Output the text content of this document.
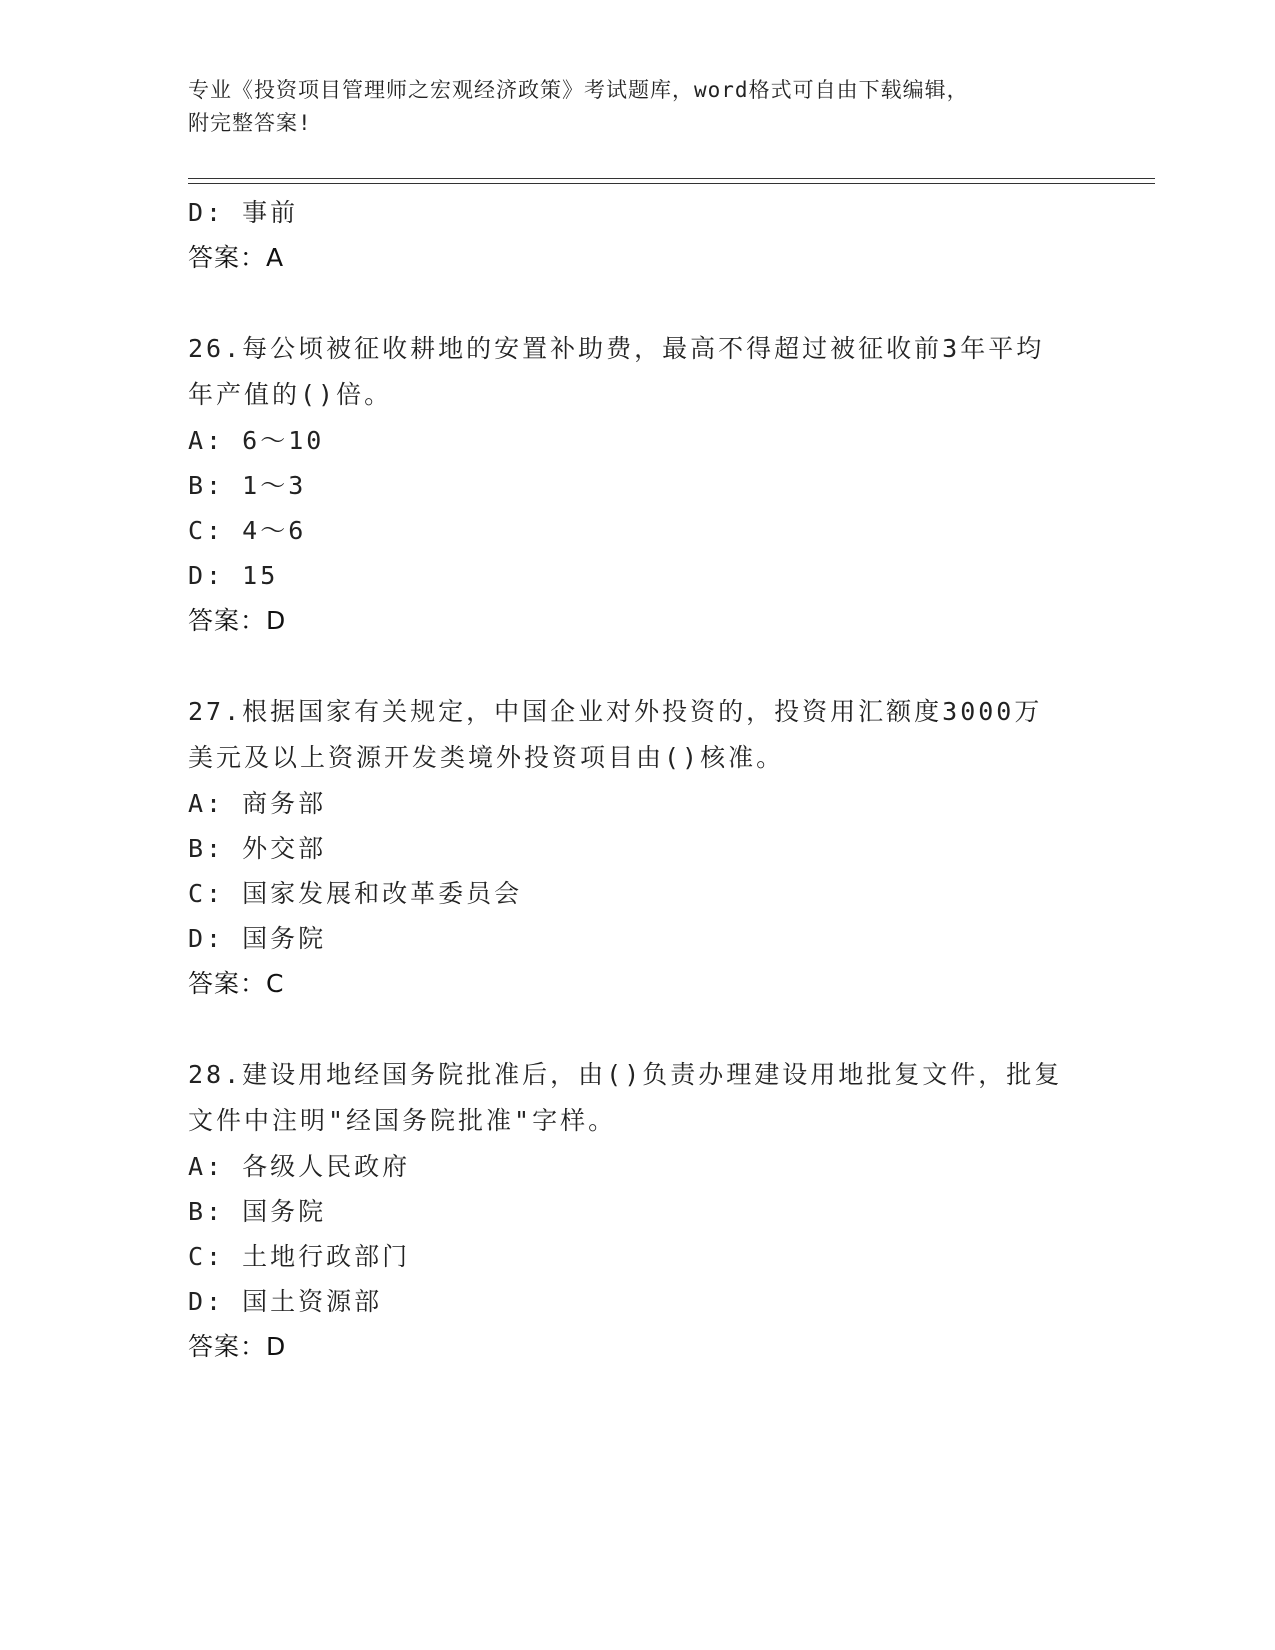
专业《投资项目管理师之宏观经济政策》考试题库，word格式可自由下载编辑，
附完整答案!
D: 事前
答案：A
26.每公顷被征收耕地的安置补助费，最高不得超过被征收前3年平均
年产值的()倍。
A: 6～10
B: 1～3
C: 4～6
D: 15
答案：D
27.根据国家有关规定，中国企业对外投资的，投资用汇额度3000万
美元及以上资源开发类境外投资项目由()核准。
A: 商务部
B: 外交部
C: 国家发展和改革委员会
D: 国务院
答案：C
28.建设用地经国务院批准后，由()负责办理建设用地批复文件，批复
文件中注明"经国务院批准"字样。
A: 各级人民政府
B: 国务院
C: 土地行政部门
D: 国土资源部
答案：D
